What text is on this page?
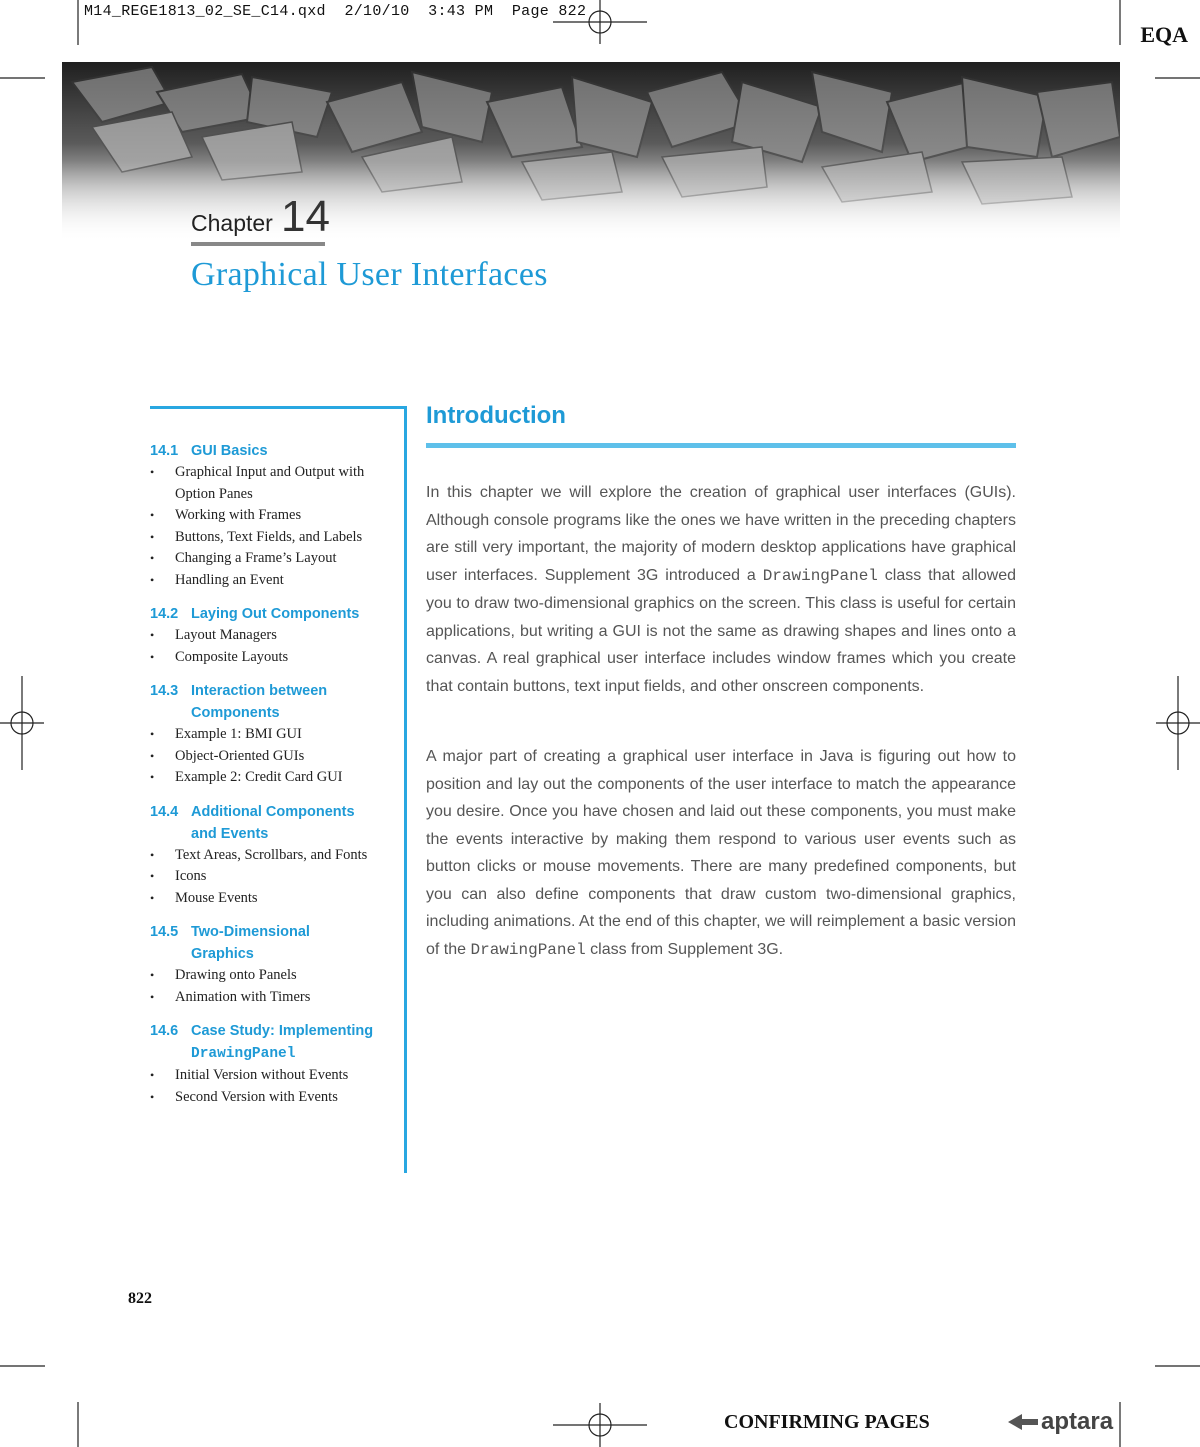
M14_REGE1813_02_SE_C14.qxd  2/10/10  3:43 PM  Page 822
EQA
Chapter 14
Graphical User Interfaces
14.1 GUI Basics
• Graphical Input and Output with Option Panes
• Working with Frames
• Buttons, Text Fields, and Labels
• Changing a Frame’s Layout
• Handling an Event
14.2 Laying Out Components
• Layout Managers
• Composite Layouts
14.3 Interaction between
Components
• Example 1: BMI GUI
• Object-Oriented GUIs
• Example 2: Credit Card GUI
14.4 Additional Components
and Events
• Text Areas, Scrollbars, and Fonts
• Icons
• Mouse Events
14.5 Two-Dimensional
Graphics
• Drawing onto Panels
• Animation with Timers
14.6 Case Study: Implementing
DrawingPanel
• Initial Version without Events
• Second Version with Events
Introduction
In this chapter we will explore the creation of graphical user interfaces (GUIs). Although console programs like the ones we have written in the preceding chapters are still very important, the majority of modern desktop applications have graphical user interfaces. Supplement 3G introduced a DrawingPanel class that allowed you to draw two-dimensional graphics on the screen. This class is useful for certain applications, but writing a GUI is not the same as drawing shapes and lines onto a canvas. A real graphical user interface includes window frames which you create that contain buttons, text input fields, and other onscreen components.
A major part of creating a graphical user interface in Java is figuring out how to position and lay out the components of the user interface to match the appearance you desire. Once you have chosen and laid out these components, you must make the events interactive by making them respond to various user events such as button clicks or mouse movements. There are many predefined components, but you can also define components that draw custom two-dimensional graphics, including animations. At the end of this chapter, we will reimplement a basic version of the DrawingPanel class from Supplement 3G.
822
CONFIRMING PAGES	aptara
